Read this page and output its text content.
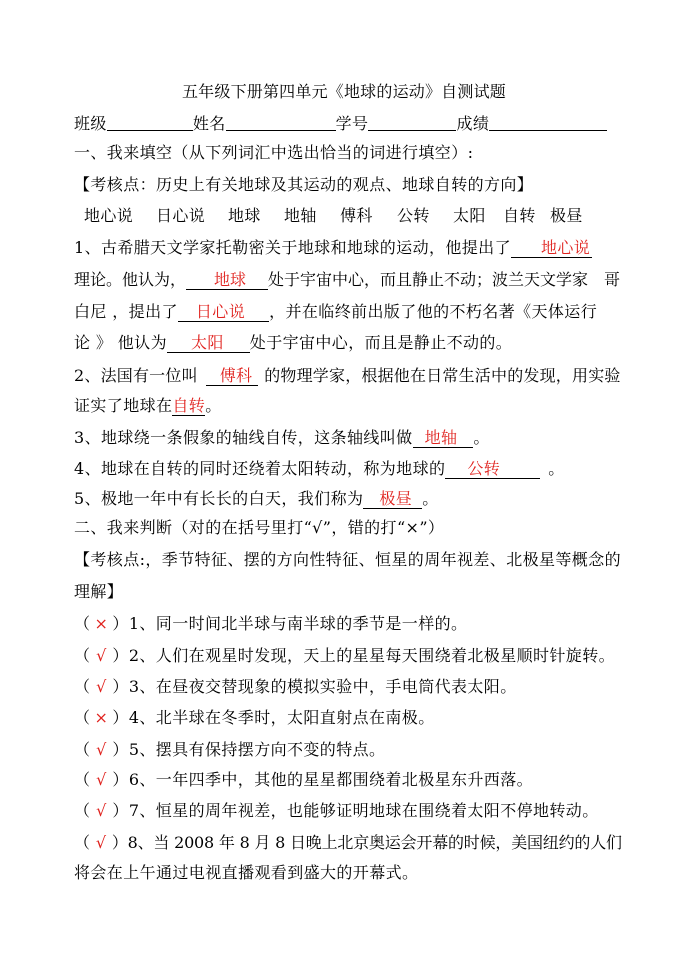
五年级下册第四单元《地球的运动》自测试题
班级	姓名	学号	成绩
一、我来填空（从下列词汇中选出恰当的词进行填空）:
【考核点：历史上有关地球及其运动的观点、地球自转的方向】
地心说 日心说 地球 地轴 傅科 公转 太阳 自转 极昼
1、古希腊天文学家托勒密关于地球和地球的运动，他提出了 地心说
理论。他认为， 地球 处于宇宙中心，而且静止不动；波兰天文学家　哥
白尼 ，提出了 日心说 ，并在临终前出版了他的不朽名著《天体运行
论 》 他认为 太阳 处于宇宙中心，而且是静止不动的。
2、法国有一位叫 傅科 的物理学家，根据他在日常生活中的发现，用实验
证实了地球在自转。
3、地球绕一条假象的轴线自传，这条轴线叫做 地轴 。
4、地球在自转的同时还绕着太阳转动，称为地球的 公转	。
5、极地一年中有长长的白天，我们称为 极昼 。
二、我来判断（对的在括号里打“√”，错的打“×”）
【考核点:，季节特征、摆的方向性特征、恒星的周年视差、北极星等概念的
理解】
（ × ）1、同一时间北半球与南半球的季节是一样的。
（ √ ）2、人们在观星时发现，天上的星星每天围绕着北极星顺时针旋转。
（ √ ）3、在昼夜交替现象的模拟实验中，手电筒代表太阳。
（ × ）4、北半球在冬季时，太阳直射点在南极。
（ √ ）5、摆具有保持摆方向不变的特点。
（ √ ）6、一年四季中，其他的星星都围绕着北极星东升西落。
（ √ ）7、恒星的周年视差，也能够证明地球在围绕着太阳不停地转动。
（ √ ）8、当 2008 年 8 月 8 日晚上北京奥运会开幕的时候，美国纽约的人们
将会在上午通过电视直播观看到盛大的开幕式。
